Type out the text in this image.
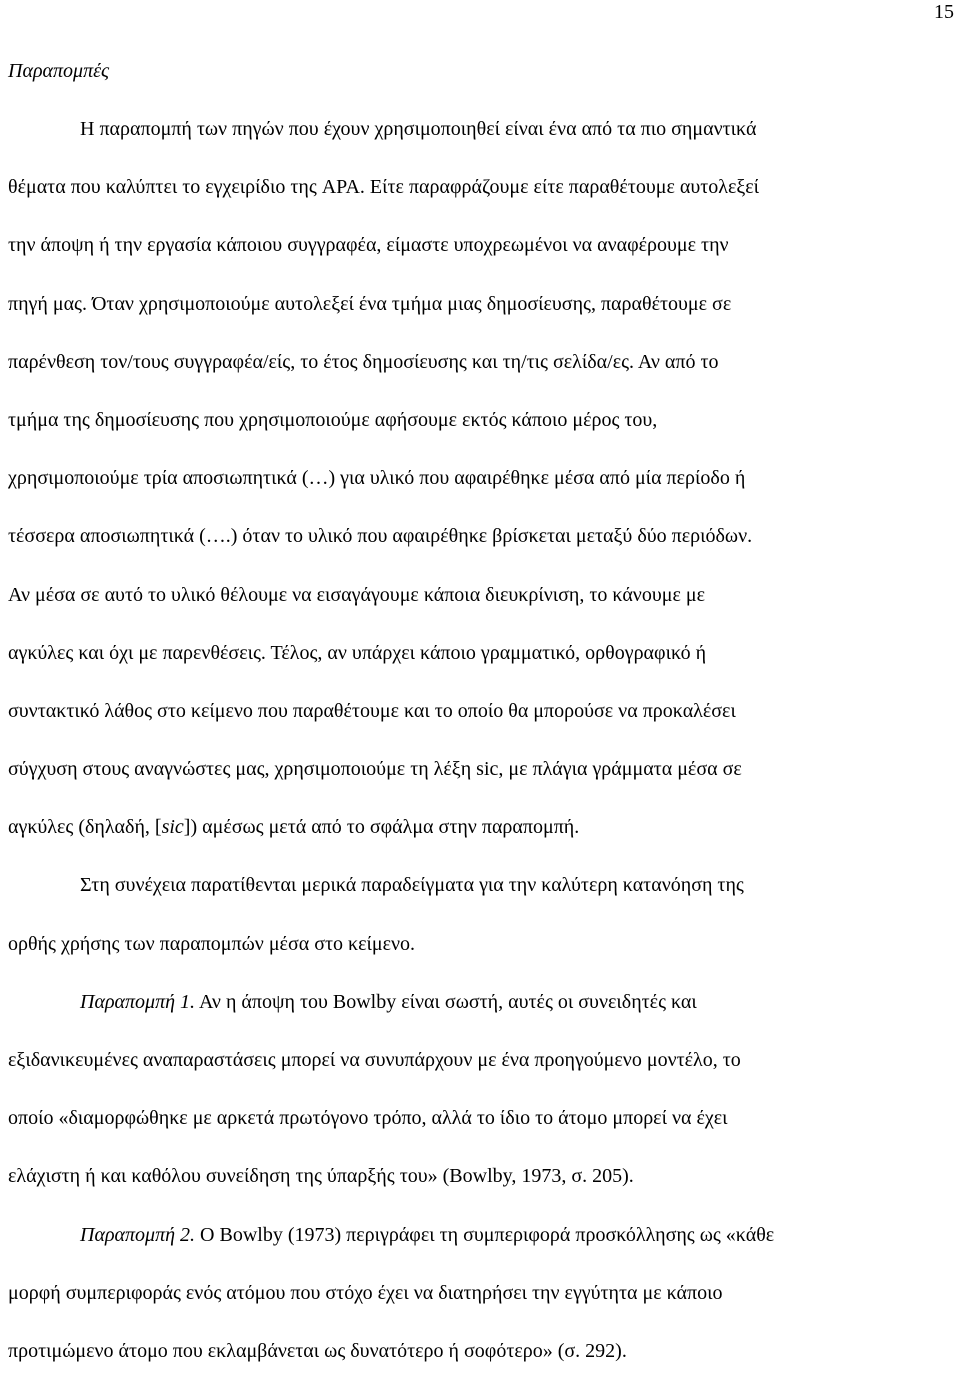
15
Παραπομπές
Η παραπομπή των πηγών που έχουν χρησιμοποιηθεί είναι ένα από τα πιο σημαντικά
θέματα που καλύπτει το εγχειρίδιο της APA. Είτε παραφράζουμε είτε παραθέτουμε αυτολεξεί
την άποψη ή την εργασία κάποιου συγγραφέα, είμαστε υποχρεωμένοι να αναφέρουμε την
πηγή μας. Όταν χρησιμοποιούμε αυτολεξεί ένα τμήμα μιας δημοσίευσης, παραθέτουμε σε
παρένθεση τον/τους συγγραφέα/είς, το έτος δημοσίευσης και τη/τις σελίδα/ες. Αν από το
τμήμα της δημοσίευσης που χρησιμοποιούμε αφήσουμε εκτός κάποιο μέρος του,
χρησιμοποιούμε τρία αποσιωπητικά (…) για υλικό που αφαιρέθηκε μέσα από μία περίοδο ή
τέσσερα αποσιωπητικά (….) όταν το υλικό που αφαιρέθηκε βρίσκεται μεταξύ δύο περιόδων.
Αν μέσα σε αυτό το υλικό θέλουμε να εισαγάγουμε κάποια διευκρίνιση, το κάνουμε με
αγκύλες και όχι με παρενθέσεις. Τέλος, αν υπάρχει κάποιο γραμματικό, ορθογραφικό ή
συντακτικό λάθος στο κείμενο που παραθέτουμε και το οποίο θα μπορούσε να προκαλέσει
σύγχυση στους αναγνώστες μας, χρησιμοποιούμε τη λέξη sic, με πλάγια γράμματα μέσα σε
αγκύλες (δηλαδή, [sic]) αμέσως μετά από το σφάλμα στην παραπομπή.
Στη συνέχεια παρατίθενται μερικά παραδείγματα για την καλύτερη κατανόηση της
ορθής χρήσης των παραπομπών μέσα στο κείμενο.
Παραπομπή 1. Αν η άποψη του Bowlby είναι σωστή, αυτές οι συνειδητές και
εξιδανικευμένες αναπαραστάσεις μπορεί να συνυπάρχουν με ένα προηγούμενο μοντέλο, το
οποίο «διαμορφώθηκε με αρκετά πρωτόγονο τρόπο, αλλά το ίδιο το άτομο μπορεί να έχει
ελάχιστη ή και καθόλου συνείδηση της ύπαρξής του» (Bowlby, 1973, σ. 205).
Παραπομπή 2. Ο Bowlby (1973) περιγράφει τη συμπεριφορά προσκόλλησης ως «κάθε
μορφή συμπεριφοράς ενός ατόμου που στόχο έχει να διατηρήσει την εγγύτητα με κάποιο
προτιμώμενο άτομο που εκλαμβάνεται ως δυνατότερο ή σοφότερο» (σ. 292).
